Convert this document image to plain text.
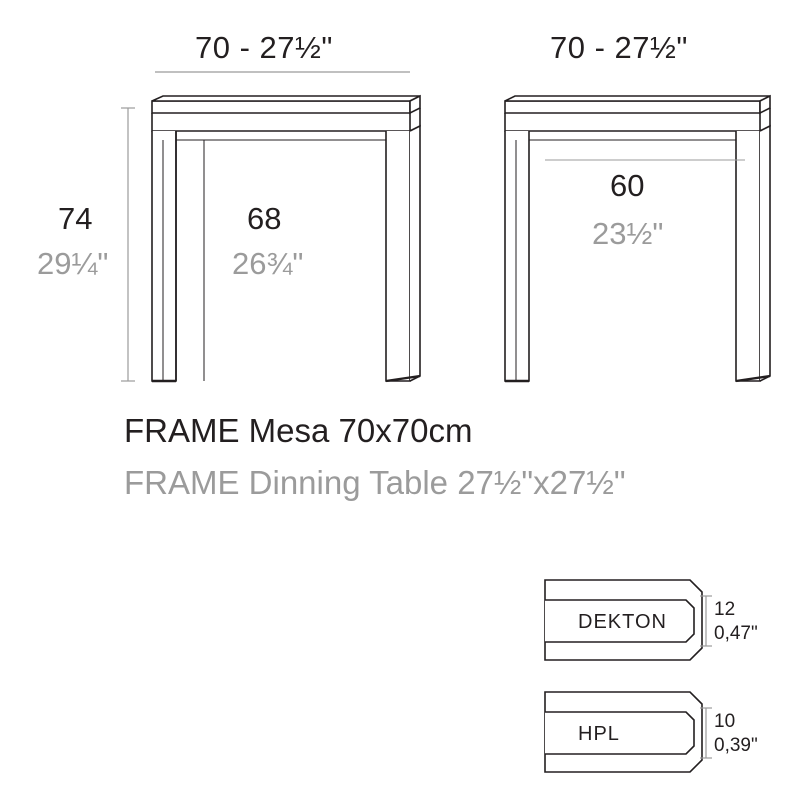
70 - 27½"	70 - 27½"
74
29¼"
68
26¾"
60
23½"
FRAME Mesa 70x70cm
FRAME Dinning Table 27½"x27½"
DEKTON
12
0,47"
HPL
10
0,39"
